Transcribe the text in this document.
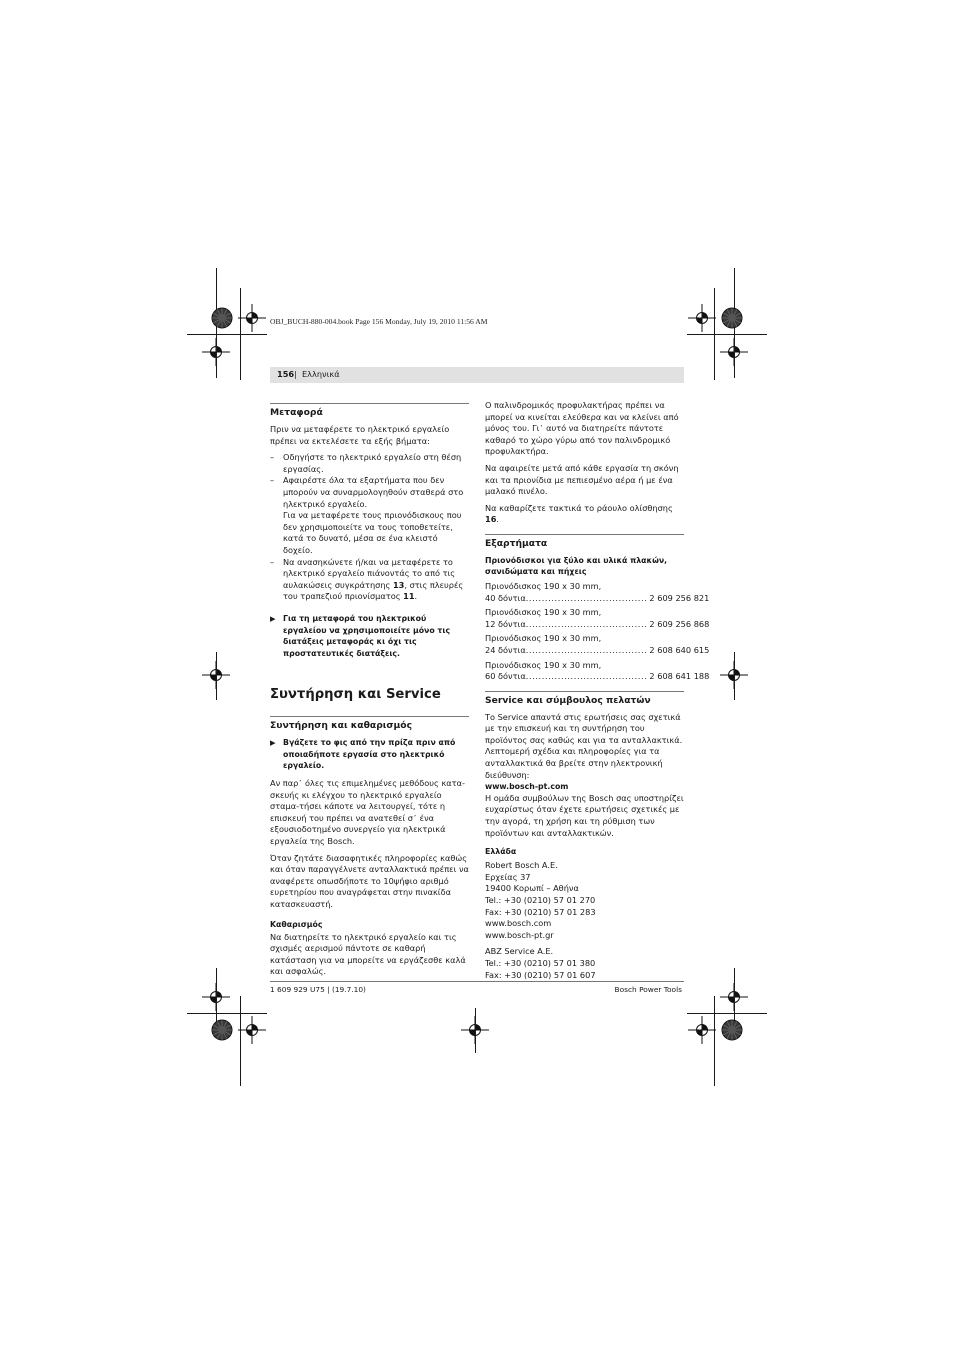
OBJ_BUCH-880-004.book Page 156 Monday, July 19, 2010 11:56 AM
156 | Ελληνικά
Μεταφορά

Πριν να μεταφέρετε το ηλεκτρικό εργαλείο πρέπει να εκτελέσετε τα εξής βήματα:

– Οδηγήστε το ηλεκτρικό εργαλείο στη θέση εργασίας.
– Αφαιρέστε όλα τα εξαρτήματα που δεν μπορούν να συναρμολογηθούν σταθερά στο ηλεκτρικό εργαλείο.
Για να μεταφέρετε τους πριονόδισκους που δεν χρησιμοποιείτε να τους τοποθετείτε, κατά το δυνατό, μέσα σε ένα κλειστό δοχείο.
– Να ανασηκώνετε ή/και να μεταφέρετε το ηλεκτρικό εργαλείο πιάνοντάς το από τις αυλακώσεις συγκράτησης 13, στις πλευρές του τραπεζιού πριονίσματος 11.
▶ Για τη μεταφορά του ηλεκτρικού εργαλείου να χρησιμοποιείτε μόνο τις διατάξεις μεταφοράς κι όχι τις προστατευτικές διατάξεις.
Συντήρηση και Service
Συντήρηση και καθαρισμός
▶ Βγάζετε το φις από την πρίζα πριν από οποιαδήποτε εργασία στο ηλεκτρικό εργαλείο.

Αν παρ᾽ όλες τις επιμελημένες μεθόδους κατα-σκευής κι ελέγχου το ηλεκτρικό εργαλείο σταμα-τήσει κάποτε να λειτουργεί, τότε η επισκευή του πρέπει να ανατεθεί σ᾽ ένα εξουσιοδοτημένο συνεργείο για ηλεκτρικά εργαλεία της Bosch.

Όταν ζητάτε διασαφητικές πληροφορίες καθώς και όταν παραγγέλνετε ανταλλακτικά πρέπει να αναφέρετε οπωσδήποτε το 10ψήφιο αριθμό ευρετηρίου που αναγράφεται στην πινακίδα κατασκευαστή.

Καθαρισμός

Να διατηρείτε το ηλεκτρικό εργαλείο και τις σχισμές αερισμού πάντοτε σε καθαρή κατάσταση για να μπορείτε να εργάζεσθε καλά και ασφαλώς.

Ο παλινδρομικός προφυλακτήρας πρέπει να μπορεί να κινείται ελεύθερα και να κλείνει από μόνος του. Γι᾽ αυτό να διατηρείτε πάντοτε καθαρό το χώρο γύρω από τον παλινδρομικό προφυλακτήρα.

Να αφαιρείτε μετά από κάθε εργασία τη σκόνη και τα πριονίδια με πεπιεσμένο αέρα ή με ένα μαλακό πινέλο.

Να καθαρίζετε τακτικά το ράουλο ολίσθησης 16.

Εξαρτήματα
Πριονόδισκοι για ξύλο και υλικά πλακών, σανιδώματα και πήχεις
Πριονόδισκος 190 x 30 mm,
40 δόντια ...................................... 2 609 256 821
Πριονόδισκος 190 x 30 mm,
12 δόντια ...................................... 2 609 256 868
Πριονόδισκος 190 x 30 mm,
24 δόντια ...................................... 2 608 640 615
Πριονόδισκος 190 x 30 mm,
60 δόντια ...................................... 2 608 641 188
Service και σύμβουλος πελατών

Το Service απαντά στις ερωτήσεις σας σχετικά με την επισκευή και τη συντήρηση του προϊόντος σας καθώς και για τα ανταλλακτικά. Λεπτομερή σχέδια και πληροφορίες για τα ανταλλακτικά θα βρείτε στην ηλεκτρονική διεύθυνση:

www.bosch-pt.com

Η ομάδα συμβούλων της Bosch σας υποστηρίζει ευχαρίστως όταν έχετε ερωτήσεις σχετικές με την αγορά, τη χρήση και τη ρύθμιση των προϊόντων και ανταλλακτικών.

Ελλάδα
Robert Bosch A.E.
Ερχείας 37
19400 Κορωπί – Αθήνα
Tel.: +30 (0210) 57 01 270
Fax: +30 (0210) 57 01 283
www.bosch.com
www.bosch-pt.gr
ABZ Service A.E.
Tel.: +30 (0210) 57 01 380
Fax: +30 (0210) 57 01 607
1 609 929 U75 | (19.7.10)	Bosch Power Tools
